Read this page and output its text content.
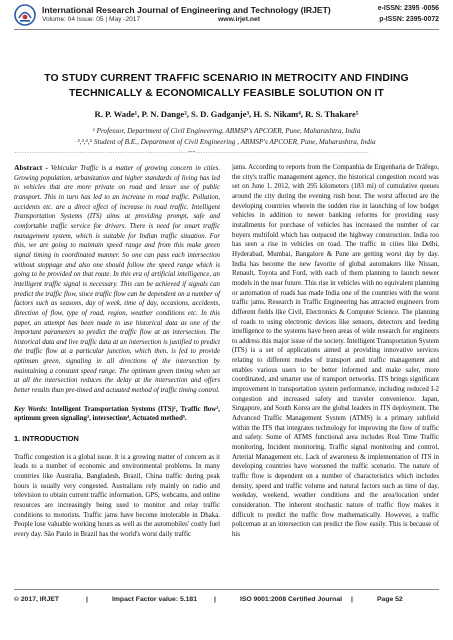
International Research Journal of Engineering and Technology (IRJET)
Volume: 04 Issue: 05 | May -2017	www.irjet.net
e-ISSN: 2395 -0056
p-ISSN: 2395-0072
TO STUDY CURRENT TRAFFIC SCENARIO IN METROCITY AND FINDING TECHNICALLY & ECONOMICALLY FEASIBLE SOLUTION ON IT
R. P. Wade¹, P. N. Dange², S. D. Gadganje³, H. S. Nikam⁴, R. S. Thakare⁵
¹ Professor, Department of Civil Engineering, ABMSP's APCOER, Pune, Maharashtra, India
²,³,⁴,⁵ Student of B.E., Department of Civil Engineering , ABMSP's APCOER, Pune, Maharashtra, India
---------------------------------------------------------------------***---------------------------------------------------------------------

Abstract - Vehicular Traffic is a matter of growing concern in cities. Growing population, urbanization and higher standards of living has led to vehicles that are more private on road and lesser use of public transport. This in turn has led to an increase in road traffic. Pollution, accidents etc. are a direct effect of increase in road traffic. Intelligent Transportation Systems (ITS) aims at providing prompt, safe and comfortable traffic service for drivers. There is need for smart traffic management system, which is suitable for Indian traffic situation. For this, we are going to maintain speed range and from this make green signal timing in coordinated manner. So one can pass each intersection without stoppage and also one should follow the speed range which is going to be provided on that route. In this era of artificial intelligence, an intelligent traffic signal is necessary. This can be achieved if signals can predict the traffic flow, since traffic flow can be dependent on a number of factors such as seasons, day of week, time of day, occasions, accidents, direction of flow, type of road, region, weather conditions etc. In this paper, an attempt has been made to use historical data as one of the important parameters to predict the traffic flow at an intersection. The historical data and live traffic data at an intersection is justified to predict the traffic flow at a particular junction, which then, is fed to provide optimum green, signaling in all directions of the intersection by maintaining a constant speed range. The optimum green timing when set at all the intersection reduces the delay at the intersection and offers better results than pre-timed and actuated method of traffic timing control.

Key Words: Intelligent Transportation Systems (ITS)¹, Traffic flow², optimum green signaling³, intersection⁴, Actuated method⁵.

1. INTRODUCTION

Traffic congestion is a global issue. It is a growing matter of concern as it leads to a number of economic and environmental problems. In many countries like Australia, Bangladesh, Brazil, China traffic during peak hours is usually very congested. Australians rely mainly on radio and television to obtain current traffic information. GPS, webcams, and online resources are increasingly being used to monitor and relay traffic conditions to motorists. Traffic jams have become intolerable in Dhaka. People lose valuable working hours as well as the automobiles' costly fuel every day. São Paulo in Brazil has the world's worst daily traffic

jams. According to reports from the Companhia de Engenharia de Tráfego, the city's traffic management agency, the historical congestion record was set on June 1, 2012, with 295 kilometers (183 mi) of cumulative queues around the city during the evening rush hour. The worst affected are the developing countries wherein the sudden rise in launching of low budget vehicles in addition to newer banking reforms for providing easy installments for purchase of vehicles has increased the number of car buyers multifold which has outpaced the highway construction. India too has seen a rise in vehicles on road. The traffic in cities like Delhi, Hyderabad, Mumbai, Bangalore & Pune are getting worst day by day. India has become the new favorite of global automakers like Nissan, Renault, Toyota and Ford, with each of them planning to launch newer models in the near future. This rise in vehicles with no equivalent planning or automation of roads has made India one of the countries with the worst traffic jams. Research in Traffic Engineering has attracted engineers from different fields like Civil, Electronics & Computer Science. The planning of roads to using electronic devices like sensors, detectors and feeding intelligence to the systems have been areas of wide research for engineers to address this major issue of the society. Intelligent Transportation System (ITS) is a set of applications aimed at providing innovative services relating to different modes of transport and traffic management and enables various users to be better informed and make safer, more coordinated, and smarter use of transport networks. ITS brings significant improvement in transportation system performance, including reduced I-2 congestion and increased safety and traveler convenience. Japan, Singapore, and South Korea are the global leaders in ITS deployment. The Advanced Traffic Management System (ATMS) is a primary subfield within the ITS that integrates technology for improving the flow of traffic and safety. Some of ATMS functional area includes Real Time Traffic monitoring, Incident monitoring, Traffic signal monitoring and control, Arterial Management etc. Lack of awareness & implementation of ITS in developing countries have worsened the traffic scenario. The nature of traffic flow is dependent on a number of characteristics which includes density, speed and traffic volume and natural factors such as time of day, weekday, weekend, weather conditions and the area/location under consideration. The inherent stochastic nature of traffic flow makes it difficult to predict the traffic flow mathematically. However, a traffic policeman at an intersection can predict the flow easily. This is because of his

© 2017, IRJET	|	Impact Factor value: 5.181	|	ISO 9001:2008 Certified Journal |	Page 52
